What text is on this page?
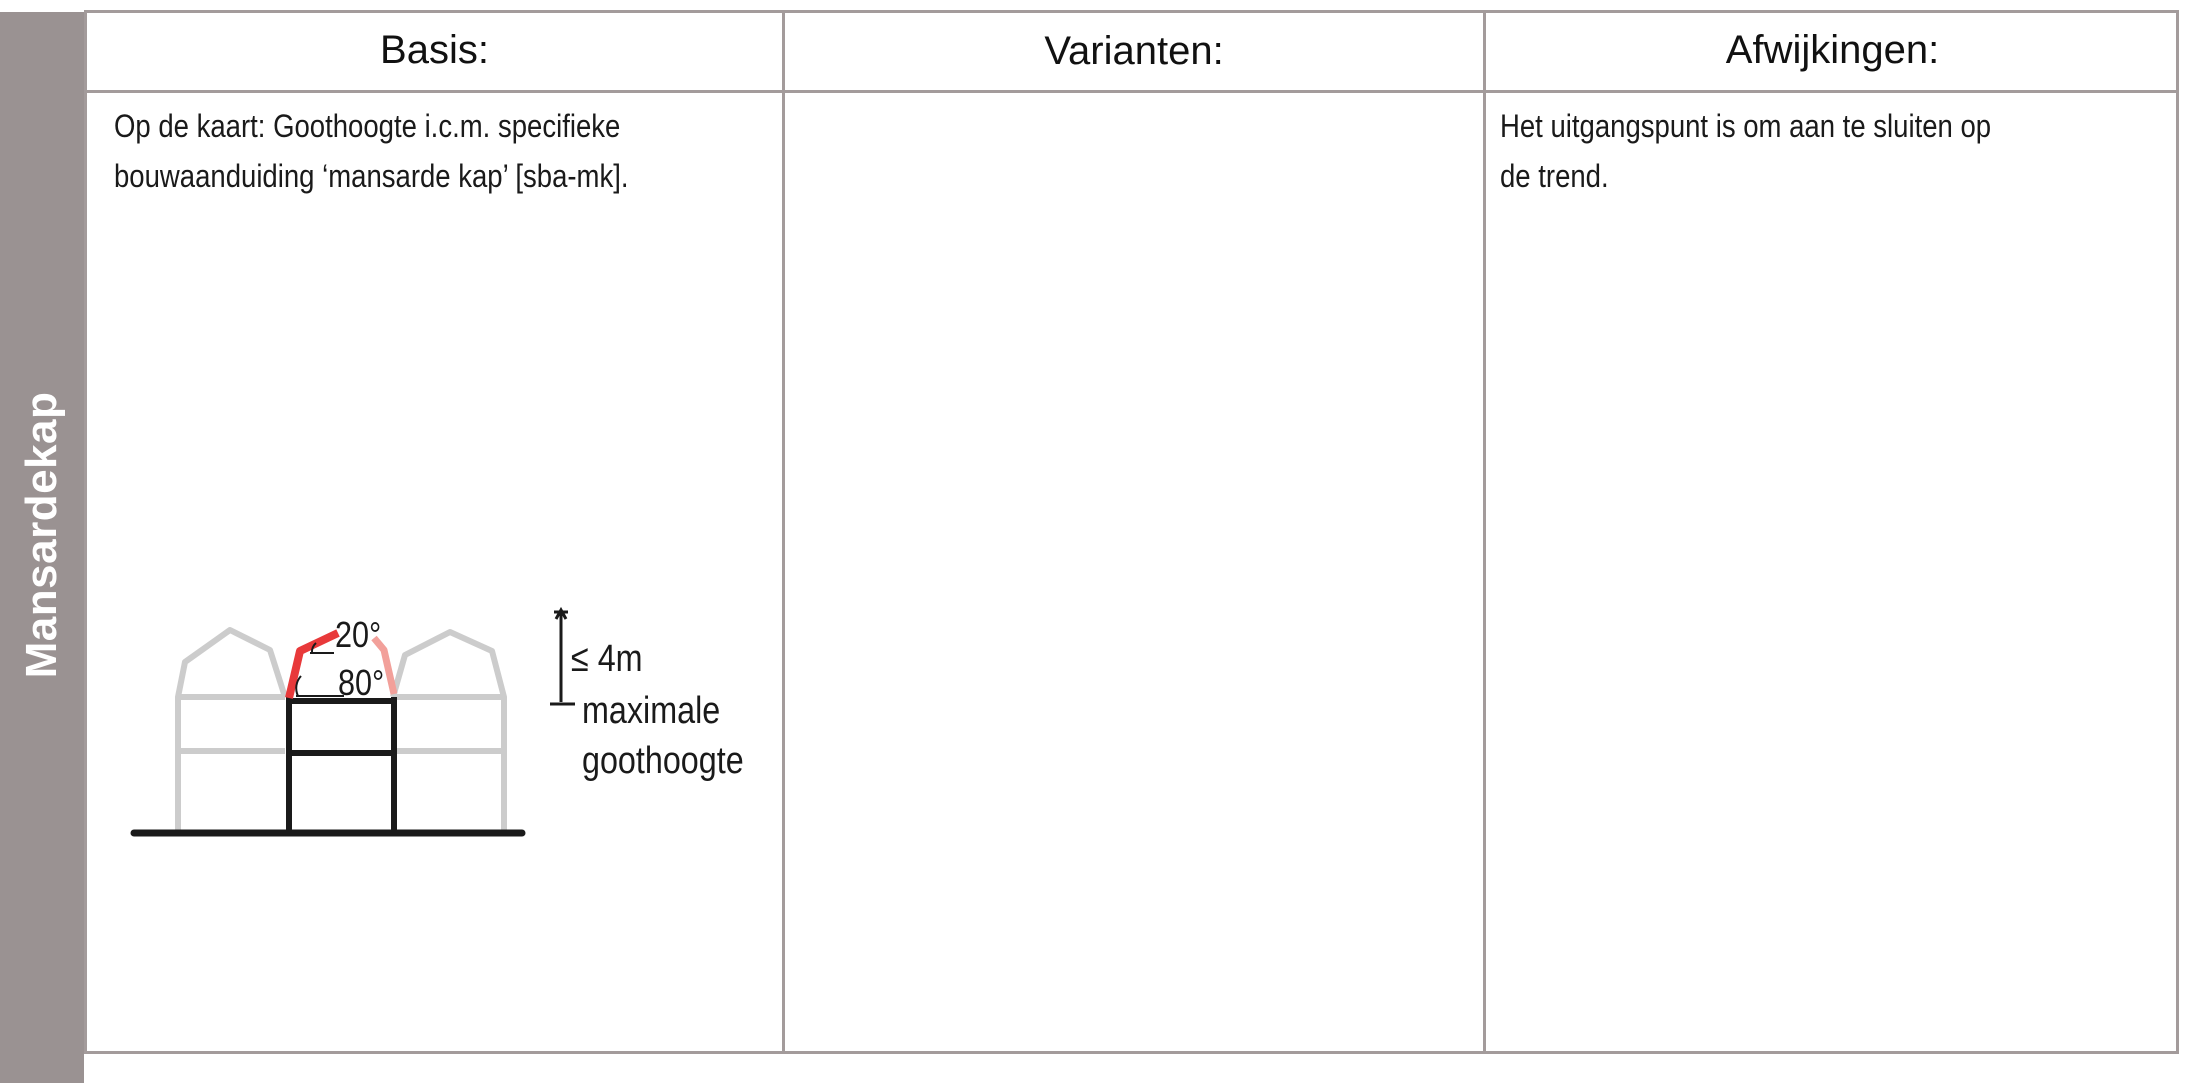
Mansardekap
Basis:	Varianten:	Afwijkingen:
Op de kaart: Goothoogte i.c.m. specifieke
bouwaanduiding ‘mansarde kap’ [sba-mk].
Het uitgangspunt is om aan te sluiten op
de trend.
20°
80°
≤ 4m
maximale
goothoogte
